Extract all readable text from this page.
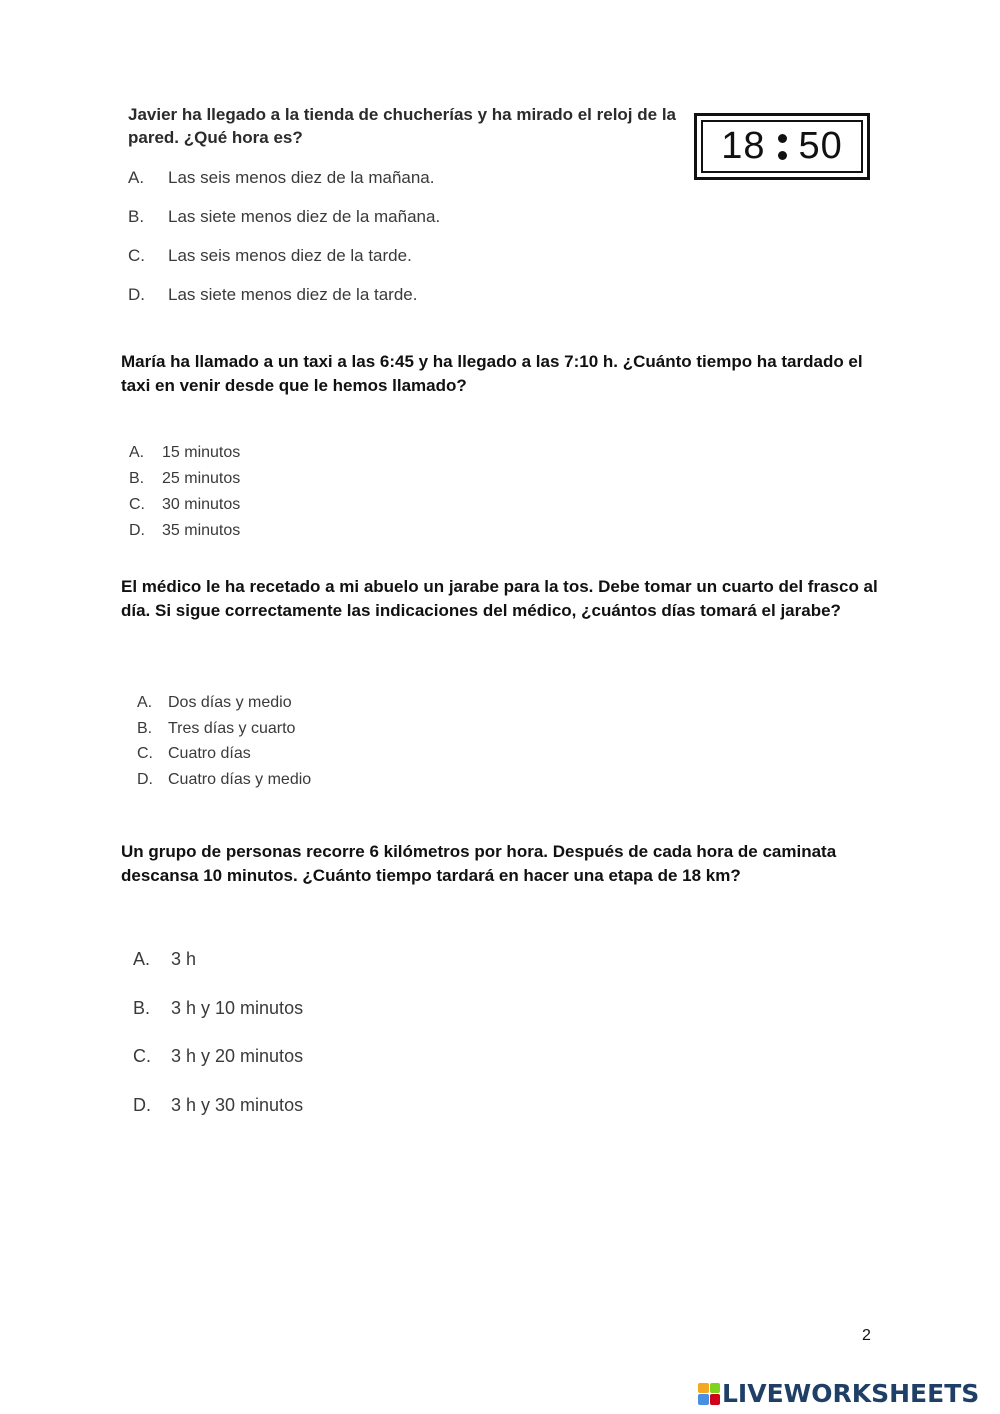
Javier ha llegado a la tienda de chucherías y ha mirado el reloj de la pared. ¿Qué hora es?	18 50
A.	Las seis menos diez de la mañana.
B.	Las siete menos diez de la mañana.
C.	Las seis menos diez de la tarde.
D.	Las siete menos diez de la tarde.
María ha llamado a un taxi a las 6:45 y ha llegado a las 7:10 h. ¿Cuánto tiempo ha tardado el taxi en venir desde que le hemos llamado?
A.	15 minutos
B.	25 minutos
C.	30 minutos
D.	35 minutos
El médico le ha recetado a mi abuelo un jarabe para la tos. Debe tomar un cuarto del frasco al día. Si sigue correctamente las indicaciones del médico, ¿cuántos días tomará el jarabe?
A. Dos días y medio
B. Tres días y cuarto
C. Cuatro días
D. Cuatro días y medio
Un grupo de personas recorre 6 kilómetros por hora. Después de cada hora de caminata descansa 10 minutos. ¿Cuánto tiempo tardará en hacer una etapa de 18 km?
A.	3 h
B.	3 h y 10 minutos
C.	3 h y 20 minutos
D.	3 h y 30 minutos
2
LIVEWORKSHEETS
